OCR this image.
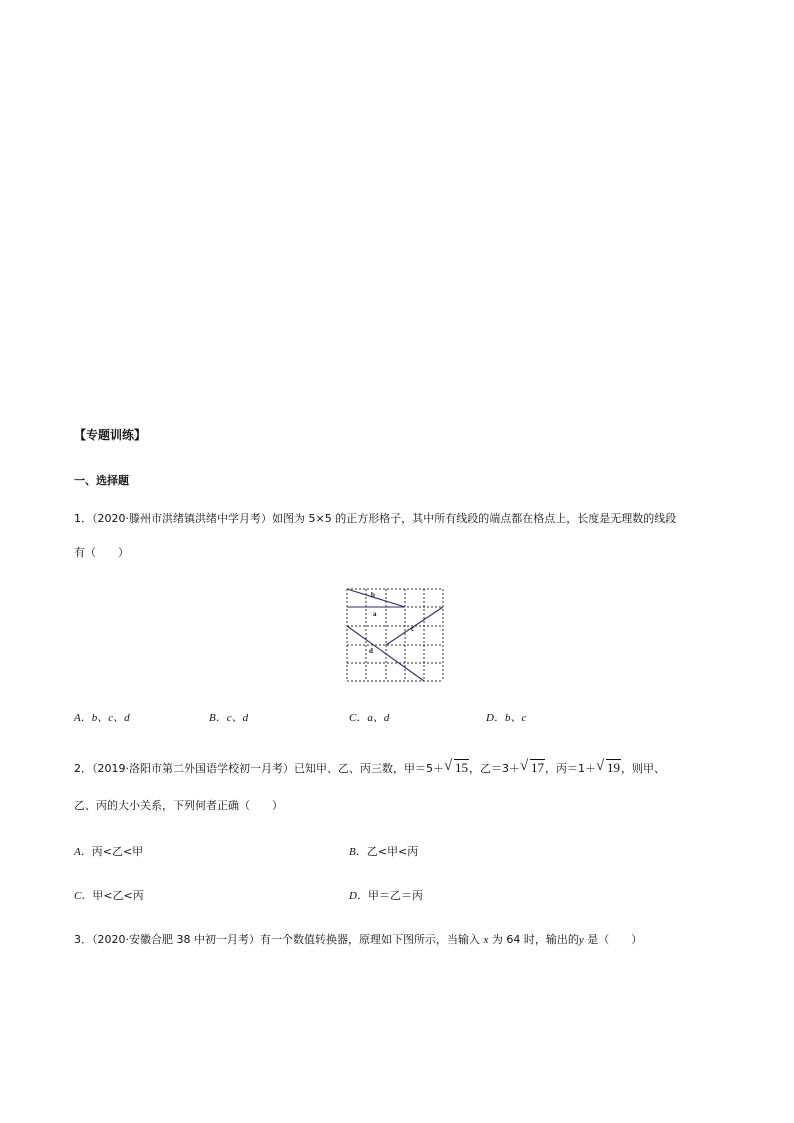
【专题训练】
一、选择题
1．（2020·滕州市洪绪镇洪绪中学月考）如图为 5×5 的正方形格子，其中所有线段的端点都在格点上，长度是无理数的线段
有（　　）
b
a
c
d
A．b、c、d	B．c、d	C．a、d	D．b、c
2．（2019·洛阳市第二外国语学校初一月考）已知甲、乙、丙三数，甲＝5＋ √ 15，乙＝3＋ √ 17，丙＝1＋ √ 19，则甲、
乙、丙的大小关系，下列何者正确（　　）
A．丙<乙<甲	B．乙<甲<丙
C．甲<乙<丙	D．甲＝乙＝丙
3．（2020·安徽合肥 38 中初一月考）有一个数值转换器，原理如下图所示，当输入 x 为 64 时，输出的y 是（　　）
